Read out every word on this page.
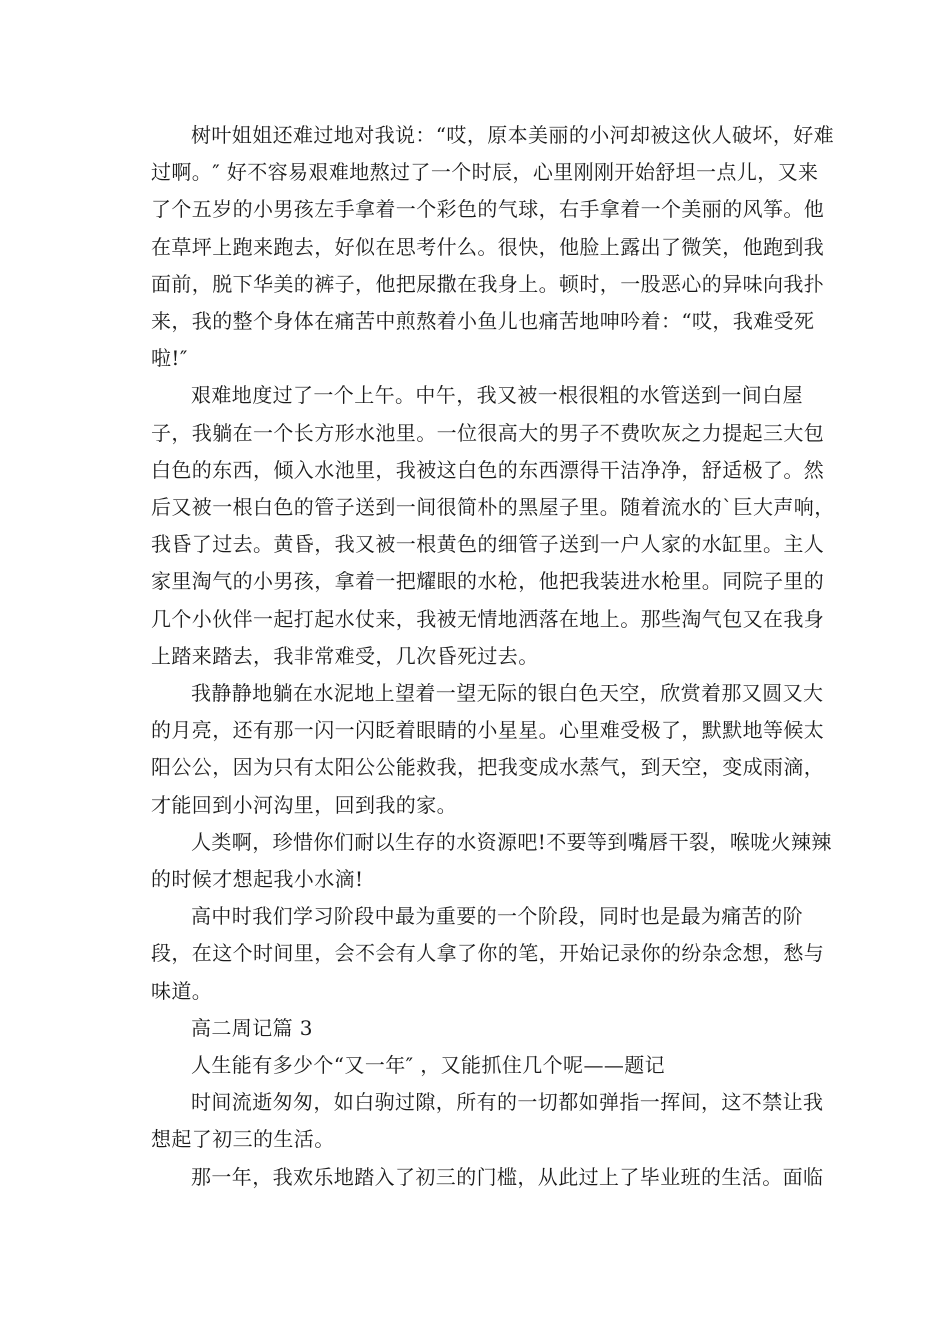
树叶姐姐还难过地对我说：“哎，原本美丽的小河却被这伙人破坏，好难
过啊。″ 好不容易艰难地熬过了一个时辰，心里刚刚开始舒坦一点儿，又来
了个五岁的小男孩左手拿着一个彩色的气球，右手拿着一个美丽的风筝。他
在草坪上跑来跑去，好似在思考什么。很快，他脸上露出了微笑，他跑到我
面前，脱下华美的裤子，他把尿撒在我身上。顿时，一股恶心的异味向我扑
来，我的整个身体在痛苦中煎熬着小鱼儿也痛苦地呻吟着：“哎，我难受死
啦!″

艰难地度过了一个上午。中午，我又被一根很粗的水管送到一间白屋
子，我躺在一个长方形水池里。一位很高大的男子不费吹灰之力提起三大包
白色的东西，倾入水池里，我被这白色的东西漂得干洁净净，舒适极了。然
后又被一根白色的管子送到一间很简朴的黑屋子里。随着流水的`巨大声响，
我昏了过去。黄昏，我又被一根黄色的细管子送到一户人家的水缸里。主人
家里淘气的小男孩，拿着一把耀眼的水枪，他把我装进水枪里。同院子里的
几个小伙伴一起打起水仗来，我被无情地洒落在地上。那些淘气包又在我身
上踏来踏去，我非常难受，几次昏死过去。

我静静地躺在水泥地上望着一望无际的银白色天空，欣赏着那又圆又大
的月亮，还有那一闪一闪眨着眼睛的小星星。心里难受极了，默默地等候太
阳公公，因为只有太阳公公能救我，把我变成水蒸气，到天空，变成雨滴，
才能回到小河沟里，回到我的家。

人类啊，珍惜你们耐以生存的水资源吧!不要等到嘴唇干裂，喉咙火辣辣
的时候才想起我小水滴!

高中时我们学习阶段中最为重要的一个阶段，同时也是最为痛苦的阶
段，在这个时间里，会不会有人拿了你的笔，开始记录你的纷杂念想，愁与
味道。

高二周记篇 3

人生能有多少个“又一年″ ，又能抓住几个呢——题记

时间流逝匆匆，如白驹过隙，所有的一切都如弹指一挥间，这不禁让我
想起了初三的生活。

那一年，我欢乐地踏入了初三的门槛，从此过上了毕业班的生活。面临
